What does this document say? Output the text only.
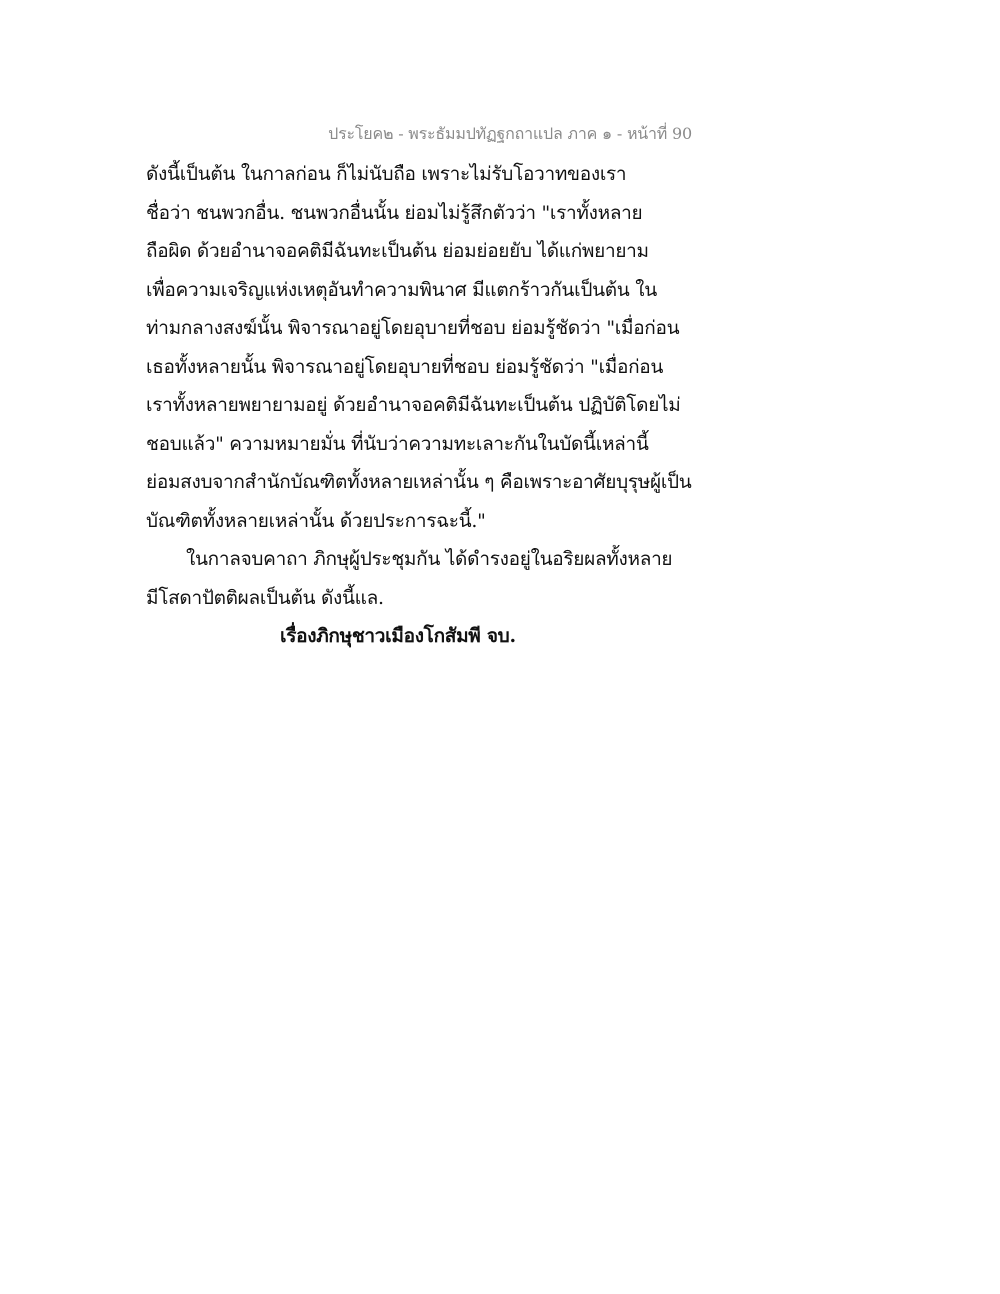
ประโยค๒ - พระธัมมปทัฏฐกถาแปล ภาค ๑ - หน้าที่ 90
ดังนี้เป็นต้น ในกาลก่อน ก็ไม่นับถือ เพราะไม่รับโอวาทของเรา
ชื่อว่า ชนพวกอื่น. ชนพวกอื่นนั้น ย่อมไม่รู้สึกตัวว่า "เราทั้งหลาย
ถือผิด ด้วยอำนาจอคติมีฉันทะเป็นต้น ย่อมย่อยยับ ได้แก่พยายาม
เพื่อความเจริญแห่งเหตุอันทำความพินาศ มีแตกร้าวกันเป็นต้น ใน
ท่ามกลางสงฆ์นั้น พิจารณาอยู่โดยอุบายที่ชอบ ย่อมรู้ชัดว่า "เมื่อก่อน
เธอทั้งหลายนั้น พิจารณาอยู่โดยอุบายที่ชอบ ย่อมรู้ชัดว่า "เมื่อก่อน
เราทั้งหลายพยายามอยู่ ด้วยอำนาจอคติมีฉันทะเป็นต้น ปฏิบัติโดยไม่
ชอบแล้ว" ความหมายมั่น ที่นับว่าความทะเลาะกันในบัดนี้เหล่านี้
ย่อมสงบจากสำนักบัณฑิตทั้งหลายเหล่านั้น ๆ คือเพราะอาศัยบุรุษผู้เป็น
บัณฑิตทั้งหลายเหล่านั้น ด้วยประการฉะนี้."
ในกาลจบคาถา ภิกษุผู้ประชุมกัน ได้ดำรงอยู่ในอริยผลทั้งหลาย
มีโสดาปัตติผลเป็นต้น ดังนี้แล.
เรื่องภิกษุชาวเมืองโกสัมพี จบ.
